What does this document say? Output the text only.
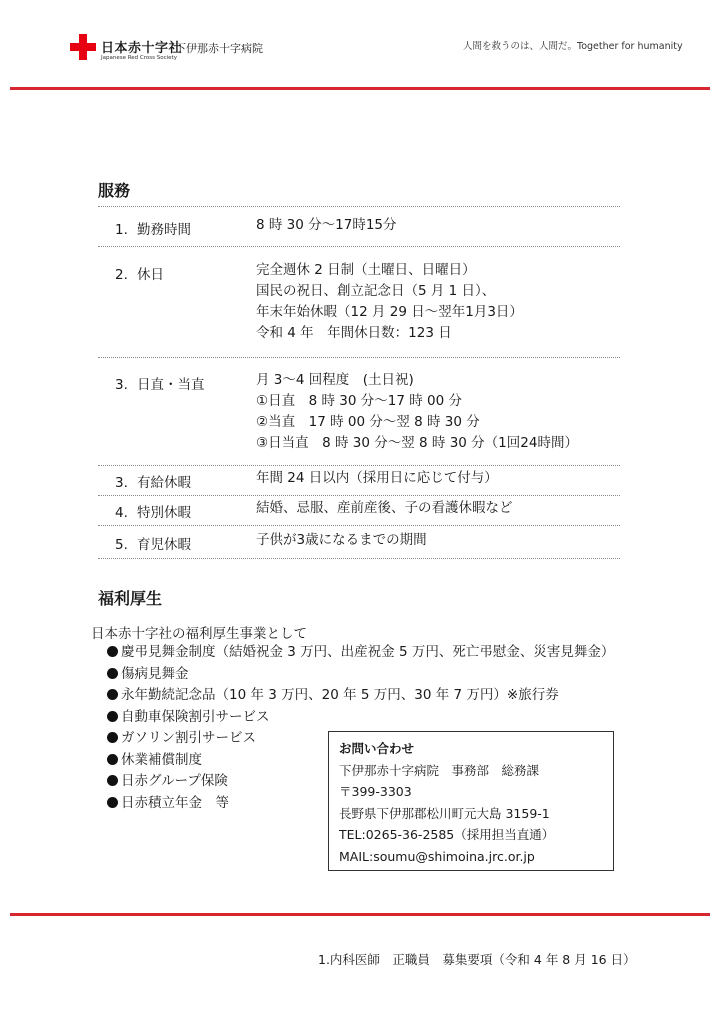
日本赤十字社
Japanese Red Cross Society
下伊那赤十字病院	人間を救うのは、人間だ。Together for humanity
服務
1. 勤務時間	8 時 30 分～17時15分
2. 休日	完全週休 2 日制（土曜日、日曜日）
国民の祝日、創立記念日（5 月 1 日）、
年末年始休暇（12 月 29 日～翌年1月3日）
令和 4 年　年間休日数：123 日
3. 日直・当直	月 3～4 回程度　(土日祝)
①日直　8 時 30 分～17 時 00 分
②当直　17 時 00 分～翌 8 時 30 分
③日当直　8 時 30 分～翌 8 時 30 分（1回24時間）
3. 有給休暇	年間 24 日以内（採用日に応じて付与）
4. 特別休暇	結婚、忌服、産前産後、子の看護休暇など
5. 育児休暇	子供が3歳になるまでの期間
福利厚生
日本赤十字社の福利厚生事業として
慶弔見舞金制度（結婚祝金 3 万円、出産祝金 5 万円、死亡弔慰金、災害見舞金）
傷病見舞金
永年勤続記念品（10 年 3 万円、20 年 5 万円、30 年 7 万円）※旅行券
自動車保険割引サービス
ガソリン割引サービス
休業補償制度
日赤グループ保険
日赤積立年金　等
お問い合わせ
下伊那赤十字病院　事務部　総務課
〒399-3303
長野県下伊那郡松川町元大島 3159-1
TEL:0265-36-2585（採用担当直通）
MAIL:soumu@shimoina.jrc.or.jp
1.内科医師　正職員　募集要項（令和 4 年 8 月 16 日）
